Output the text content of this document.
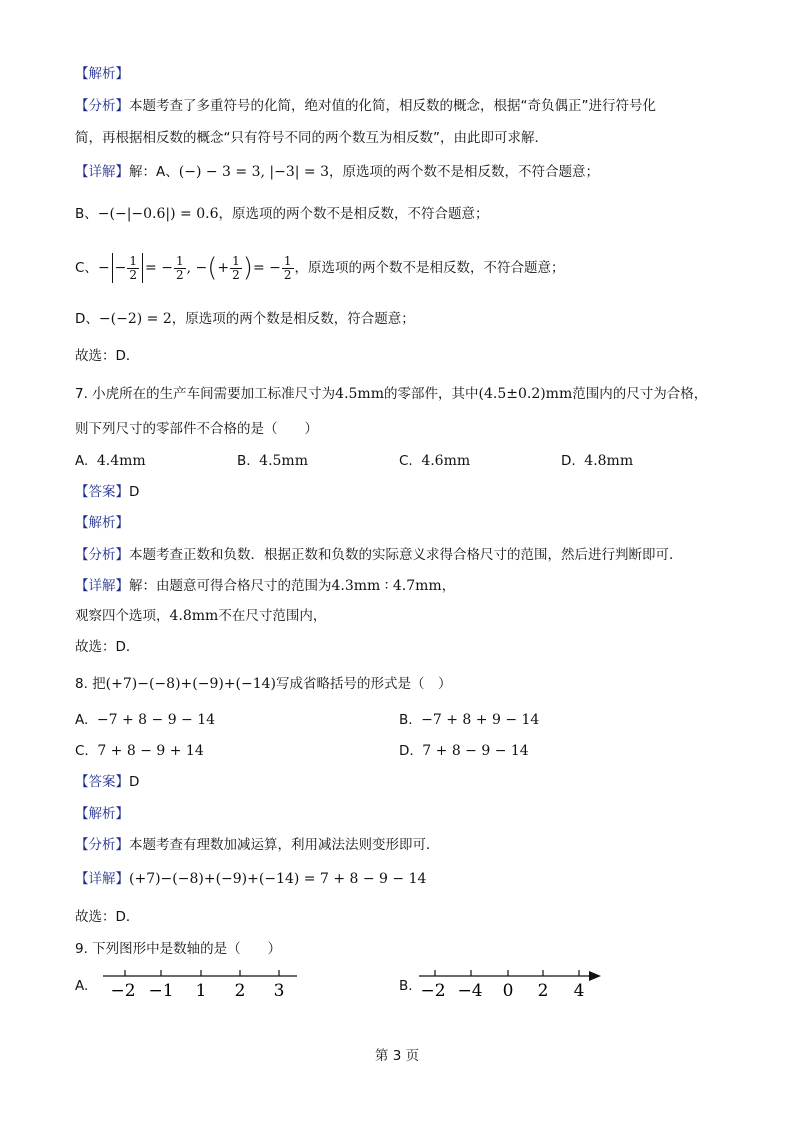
【解析】
【分析】本题考查了多重符号的化简，绝对值的化简，相反数的概念，根据“奇负偶正”进行符号化
简，再根据相反数的概念“只有符号不同的两个数互为相反数”，由此即可求解．
【详解】解：A、(−) − 3 = 3, |−3| = 3，原选项的两个数不是相反数，不符合题意；
B、−(−|−0.6|) = 0.6，原选项的两个数不是相反数，不符合题意；
C、− − $\frac{1}{2}$ = − $\frac{1}{2}$ , −(+ $\frac{1}{2}$ )= − $\frac{1}{2}$ ，原选项的两个数不是相反数，不符合题意；
D、−(−2) = 2，原选项的两个数是相反数，符合题意；
故选：D．
7. 小虎所在的生产车间需要加工标准尺寸为4.5mm的零部件，其中(4.5±0.2)mm范围内的尺寸为合格，
则下列尺寸的零部件不合格的是（　　）
A. 4.4mm	B. 4.5mm	C. 4.6mm	D. 4.8mm
【答案】D
【解析】
【分析】本题考查正数和负数．根据正数和负数的实际意义求得合格尺寸的范围，然后进行判断即可．
【详解】解：由题意可得合格尺寸的范围为4.3mm ∶ 4.7mm，
观察四个选项，4.8mm不在尺寸范围内，
故选：D．
8. 把(+7)−(−8)+(−9)+(−14)写成省略括号的形式是（　）
A. −7 + 8 − 9 − 14	B. −7 + 8 + 9 − 14
C. 7 + 8 − 9 + 14	D. 7 + 8 − 9 − 14
【答案】D
【解析】
【分析】本题考查有理数加减运算，利用减法法则变形即可．
【详解】(+7)−(−8)+(−9)+(−14) = 7 + 8 − 9 − 14
故选：D．
9. 下列图形中是数轴的是（　　）
A. −2 −1 1 2 3	B. −2 −4 0 2 4
第 3 页
